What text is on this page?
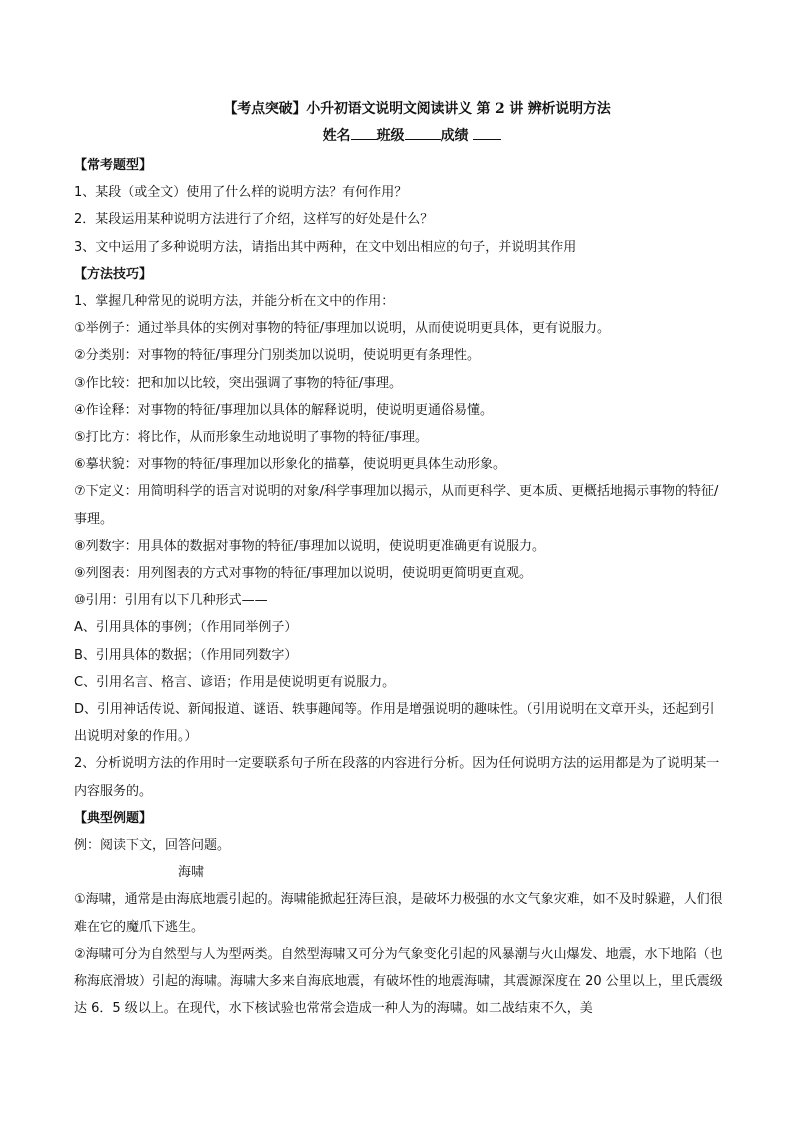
【考点突破】小升初语文说明文阅读讲义 第 2 讲 辨析说明方法
姓名 班级	成绩

【常考题型】

1、某段（或全文）使用了什么样的说明方法？有何作用？

2．某段运用某种说明方法进行了介绍，这样写的好处是什么？

3、文中运用了多种说明方法，请指出其中两种，在文中划出相应的句子，并说明其作用

【方法技巧】

1、掌握几种常见的说明方法，并能分析在文中的作用：

①举例子：通过举具体的实例对事物的特征/事理加以说明，从而使说明更具体，更有说服力。

②分类别：对事物的特征/事理分门别类加以说明，使说明更有条理性。

③作比较：把和加以比较，突出强调了事物的特征/事理。

④作诠释：对事物的特征/事理加以具体的解释说明，使说明更通俗易懂。

⑤打比方：将比作，从而形象生动地说明了事物的特征/事理。

⑥摹状貌：对事物的特征/事理加以形象化的描摹，使说明更具体生动形象。

⑦下定义：用简明科学的语言对说明的对象/科学事理加以揭示，从而更科学、更本质、更概括地揭示事物的特征/事理。

⑧列数字：用具体的数据对事物的特征/事理加以说明，使说明更准确更有说服力。

⑨列图表：用列图表的方式对事物的特征/事理加以说明，使说明更简明更直观。

⑩引用：引用有以下几种形式——

A、引用具体的事例；（作用同举例子）

B、引用具体的数据；（作用同列数字）

C、引用名言、格言、谚语；作用是使说明更有说服力。

D、引用神话传说、新闻报道、谜语、轶事趣闻等。作用是增强说明的趣味性。（引用说明在文章开头，还起到引出说明对象的作用。）

2、分析说明方法的作用时一定要联系句子所在段落的内容进行分析。因为任何说明方法的运用都是为了说明某一内容服务的。

【典型例题】

例：阅读下文，回答问题。

海啸

①海啸，通常是由海底地震引起的。海啸能掀起狂涛巨浪，是破坏力极强的水文气象灾难，如不及时躲避，人们很难在它的魔爪下逃生。

②海啸可分为自然型与人为型两类。自然型海啸又可分为气象变化引起的风暴潮与火山爆发、地震，水下地陷（也称海底滑坡）引起的海啸。海啸大多来自海底地震，有破坏性的地震海啸，其震源深度在 20 公里以上，里氏震级达 6．5 级以上。在现代，水下核试验也常常会造成一种人为的海啸。如二战结束不久，美
